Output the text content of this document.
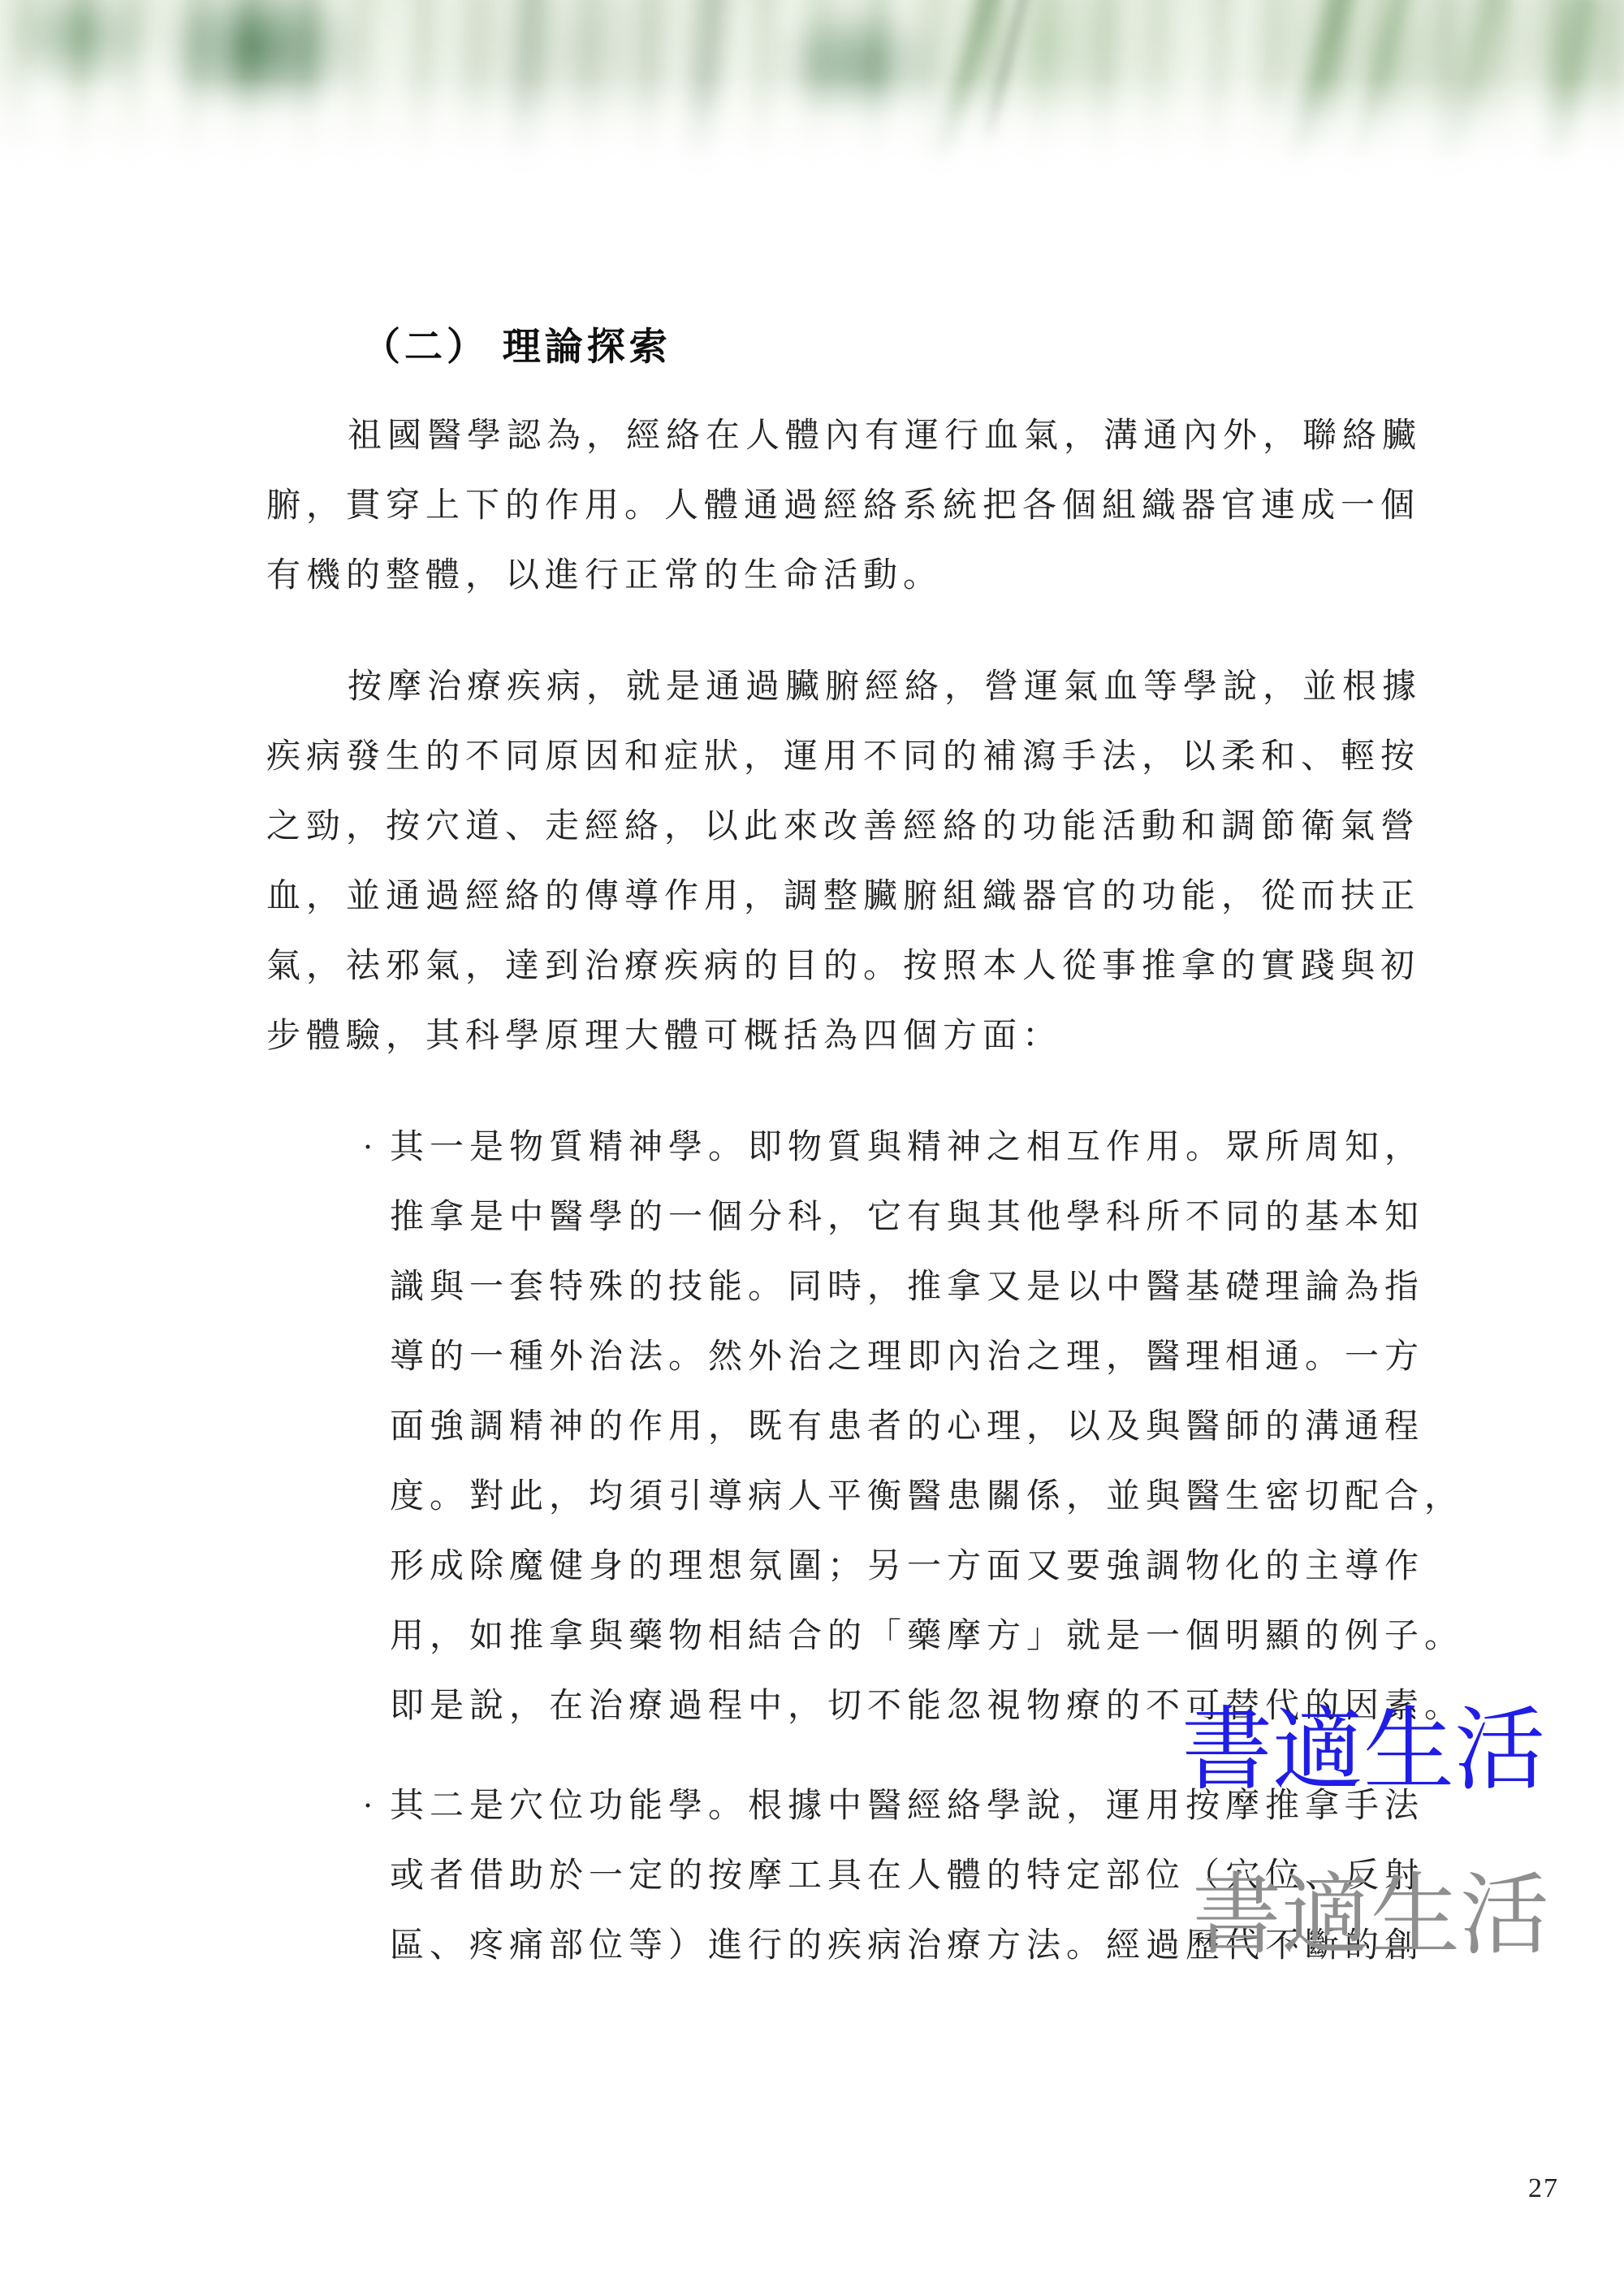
（二） 理論探索
祖國醫學認為，經絡在人體內有運行血氣，溝通內外，聯絡臟
腑，貫穿上下的作用。人體通過經絡系統把各個組織器官連成一個
有機的整體，以進行正常的生命活動。
按摩治療疾病，就是通過臟腑經絡，營運氣血等學說，並根據
疾病發生的不同原因和症狀，運用不同的補瀉手法，以柔和、輕按
之勁，按穴道、走經絡，以此來改善經絡的功能活動和調節衛氣營
血，並通過經絡的傳導作用，調整臟腑組織器官的功能，從而扶正
氣，祛邪氣，達到治療疾病的目的。按照本人從事推拿的實踐與初
步體驗，其科學原理大體可概括為四個方面：
· 其一是物質精神學。即物質與精神之相互作用。眾所周知，
推拿是中醫學的一個分科，它有與其他學科所不同的基本知
識與一套特殊的技能。同時，推拿又是以中醫基礎理論為指
導的一種外治法。然外治之理即內治之理，醫理相通。一方
面強調精神的作用，既有患者的心理，以及與醫師的溝通程
度。對此，均須引導病人平衡醫患關係，並與醫生密切配合，
形成除魔健身的理想氛圍；另一方面又要強調物化的主導作
用，如推拿與藥物相結合的「藥摩方」就是一個明顯的例子。
即是說，在治療過程中，切不能忽視物療的不可替代的因素。
· 其二是穴位功能學。根據中醫經絡學說，運用按摩推拿手法
或者借助於一定的按摩工具在人體的特定部位（穴位、反射
區、疼痛部位等）進行的疾病治療方法。經過歷代不斷的創
書適生活
書適生活
27
